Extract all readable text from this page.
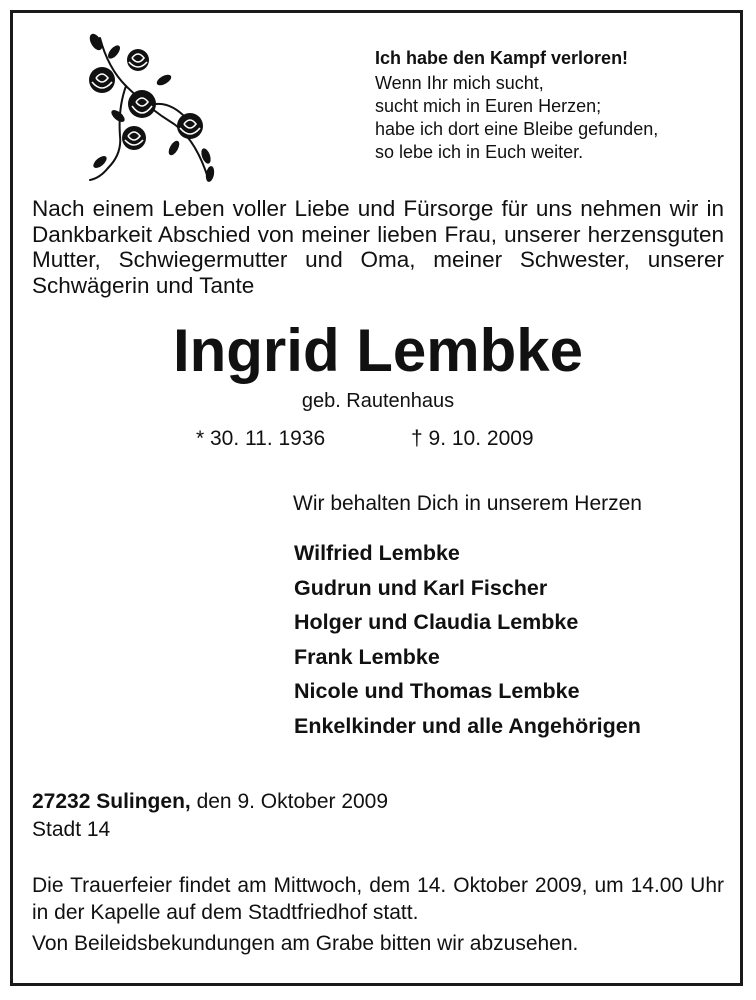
Ich habe den Kampf verloren!

Wenn Ihr mich sucht,

sucht mich in Euren Herzen;

habe ich dort eine Bleibe gefunden,

so lebe ich in Euch weiter.

Nach einem Leben voller Liebe und Fürsorge für uns nehmen wir in Dankbarkeit Abschied von meiner lieben Frau, unserer herzensguten Mutter, Schwiegermutter und Oma, meiner Schwester, unserer Schwägerin und Tante

Ingrid Lembke

geb. Rautenhaus

* 30. 11. 1936	† 9. 10. 2009

Wir behalten Dich in unserem Herzen

Wilfried Lembke
Gudrun und Karl Fischer
Holger und Claudia Lembke
Frank Lembke
Nicole und Thomas Lembke
Enkelkinder und alle Angehörigen

27232 Sulingen, den 9. Oktober 2009

Stadt 14

Die Trauerfeier findet am Mittwoch, dem 14. Oktober 2009, um 14.00 Uhr in der Kapelle auf dem Stadtfriedhof statt.

Von Beileidsbekundungen am Grabe bitten wir abzusehen.
